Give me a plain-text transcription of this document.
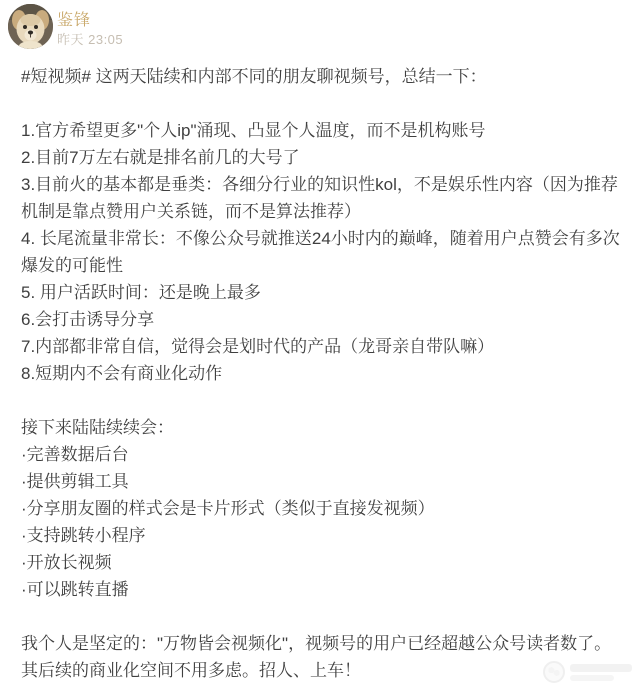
鉴锋
昨天 23:05

#短视频# 这两天陆续和内部不同的朋友聊视频号，总结一下：

1.官方希望更多"个人ip"涌现、凸显个人温度，而不是机构账号

2.目前7万左右就是排名前几的大号了

3.目前火的基本都是垂类：各细分行业的知识性kol，不是娱乐性内容（因为推荐机制是靠点赞用户关系链，而不是算法推荐）

4. 长尾流量非常长：不像公众号就推送24小时内的巅峰，随着用户点赞会有多次爆发的可能性

5. 用户活跃时间：还是晚上最多

6.会打击诱导分享

7.内部都非常自信，觉得会是划时代的产品（龙哥亲自带队嘛）

8.短期内不会有商业化动作

接下来陆陆续续会：

·完善数据后台

·提供剪辑工具

·分享朋友圈的样式会是卡片形式（类似于直接发视频）

·支持跳转小程序

·开放长视频

·可以跳转直播

我个人是坚定的："万物皆会视频化"，视频号的用户已经超越公众号读者数了。其后续的商业化空间不用多虑。招人、上车！
